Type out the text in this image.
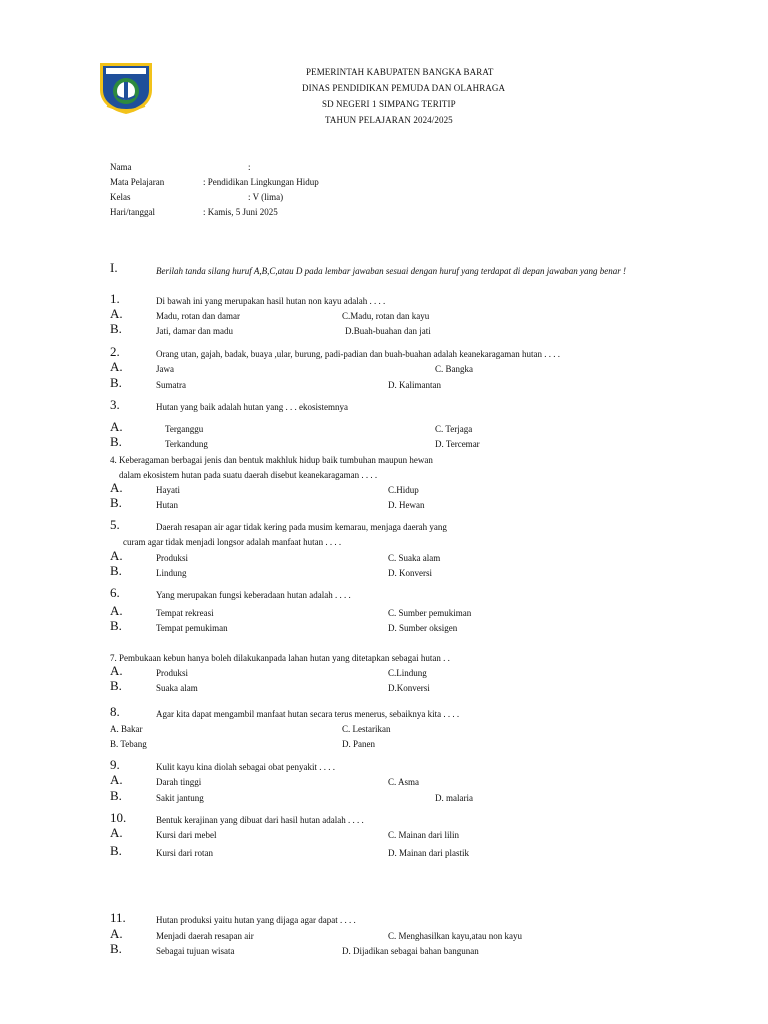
PEMERINTAH KABUPATEN BANGKA BARAT
DINAS PENDIDIKAN PEMUDA DAN OLAHRAGA
SD NEGERI 1 SIMPANG TERITIP
TAHUN PELAJARAN 2024/2025
Nama	:
Mata Pelajaran	: Pendidikan Lingkungan Hidup
Kelas	: V (lima)
Hari/tanggal	: Kamis, 5 Juni 2025
I.	Berilah tanda silang huruf A,B,C,atau D pada lembar jawaban sesuai dengan huruf yang terdapat di depan jawaban yang benar !
1.	Di bawah ini yang merupakan hasil hutan non kayu adalah . . . .
A.	Madu, rotan dan damar	C.Madu, rotan dan kayu
B.	Jati, damar dan madu	D.Buah-buahan dan jati
2.	Orang utan, gajah, badak, buaya ,ular, burung, padi-padian dan buah-buahan adalah keanekaragaman hutan . . . .
A.	Jawa	C. Bangka
B.	Sumatra	D. Kalimantan
3.	Hutan yang baik adalah hutan yang . . . ekosistemnya
A.	Terganggu	C. Terjaga
B.	Terkandung	D. Tercemar
4. Keberagaman berbagai jenis dan bentuk makhluk hidup baik tumbuhan maupun hewan
dalam ekosistem hutan pada suatu daerah disebut keanekaragaman . . . .
A.	Hayati	C.Hidup
B.	Hutan	D. Hewan
5.	Daerah resapan air agar tidak kering pada musim kemarau, menjaga daerah yang
curam agar tidak menjadi longsor adalah manfaat hutan . . . .
A.	Produksi	C. Suaka alam
B.	Lindung	D. Konversi
6.	Yang merupakan fungsi keberadaan hutan adalah . . . .
A.	Tempat rekreasi	C. Sumber pemukiman
B.	Tempat pemukiman	D. Sumber oksigen
7. Pembukaan kebun hanya boleh dilakukanpada lahan hutan yang ditetapkan sebagai hutan . .
A.	Produksi	C.Lindung
B.	Suaka alam	D.Konversi
8.	Agar kita dapat mengambil manfaat hutan secara terus menerus, sebaiknya kita . . . .
A. Bakar	C. Lestarikan
B. Tebang	D. Panen
9.	Kulit kayu kina diolah sebagai obat penyakit . . . .
A.	Darah tinggi	C. Asma
B.	Sakit jantung	D. malaria
10.	Bentuk kerajinan yang dibuat dari hasil hutan adalah . . . .
A.	Kursi dari mebel	C. Mainan dari lilin
B.	Kursi dari rotan	D. Mainan dari plastik
11.	Hutan produksi yaitu hutan yang dijaga agar dapat . . . .
A.	Menjadi daerah resapan air	C. Menghasilkan kayu,atau non kayu
B.	Sebagai tujuan wisata	D. Dijadikan sebagai bahan bangunan
